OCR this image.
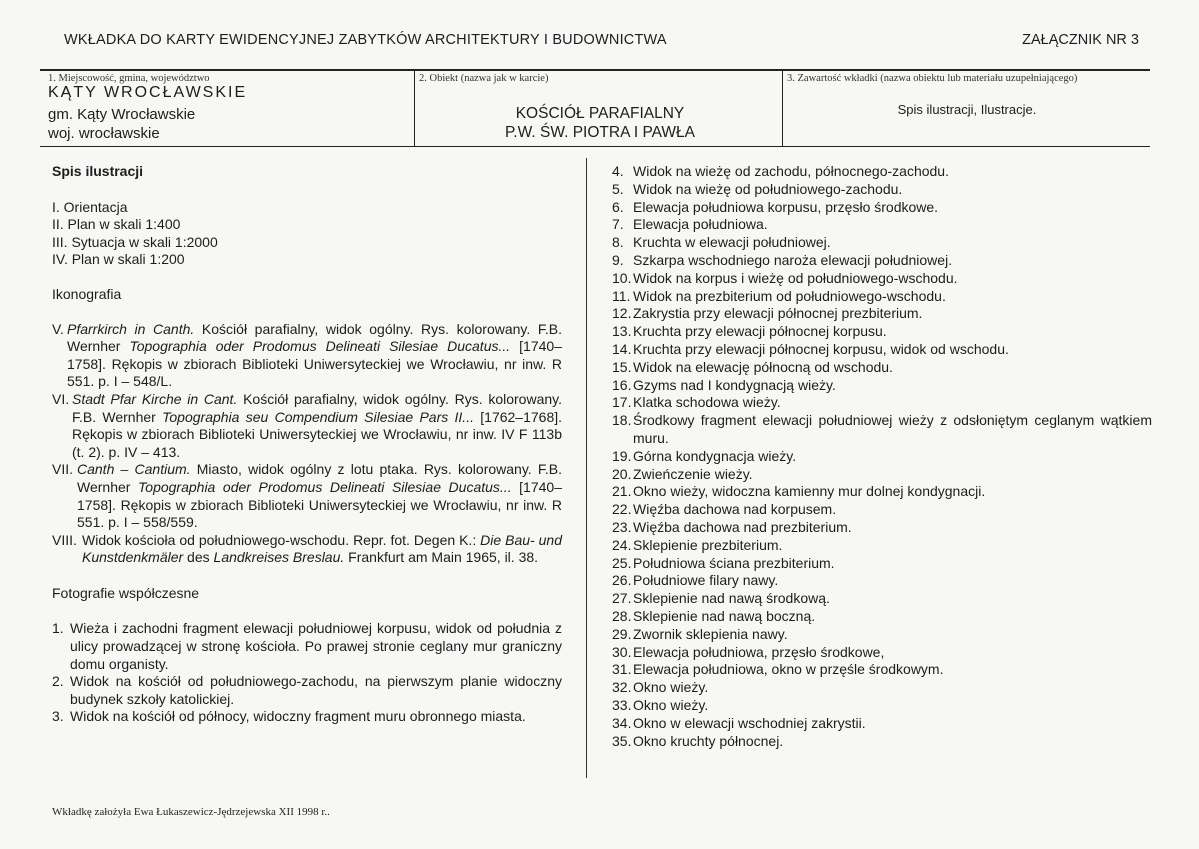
WKŁADKA DO KARTY EWIDENCYJNEJ ZABYTKÓW ARCHITEKTURY I BUDOWNICTWA	ZAŁĄCZNIK NR 3
1. Miejscowość, gmina, województwo
KĄTY WROCŁAWSKIE
gm. Kąty Wrocławskie
woj. wrocławskie
2. Obiekt (nazwa jak w karcie)
KOŚCIÓŁ PARAFIALNY
P.W. ŚW. PIOTRA I PAWŁA
3. Zawartość wkładki (nazwa obiektu lub materiału uzupełniającego)
Spis ilustracji, Ilustracje.
Spis ilustracji

I. Orientacja

II. Plan w skali 1:400

III. Sytuacja w skali 1:2000

IV. Plan w skali 1:200

Ikonografia

V. Pfarrkirch in Canth. Kościół parafialny, widok ogólny. Rys. kolorowany. F.B. Wernher Topographia oder Prodomus Delineati Silesiae Ducatus... [1740–1758]. Rękopis w zbiorach Biblioteki Uniwersyteckiej we Wrocławiu, nr inw. R 551. p. I – 548/L.
VI. Stadt Pfar Kirche in Cant. Kościół parafialny, widok ogólny. Rys. kolorowany. F.B. Wernher Topographia seu Compendium Silesiae Pars II... [1762–1768]. Rękopis w zbiorach Biblioteki Uniwersyteckiej we Wrocławiu, nr inw. IV F 113b (t. 2). p. IV – 413.
VII. Canth – Cantium. Miasto, widok ogólny z lotu ptaka. Rys. kolorowany. F.B. Wernher Topographia oder Prodomus Delineati Silesiae Ducatus... [1740–1758]. Rękopis w zbiorach Biblioteki Uniwersyteckiej we Wrocławiu, nr inw. R 551. p. I – 558/559.
VIII. Widok kościoła od południowego-wschodu. Repr. fot. Degen K.: Die Bau- und Kunstdenkmäler des Landkreises Breslau. Frankfurt am Main 1965, il. 38.

Fotografie współczesne

1. Wieża i zachodni fragment elewacji południowej korpusu, widok od południa z ulicy prowadzącej w stronę kościoła. Po prawej stronie ceglany mur graniczny domu organisty.
2. Widok na kościół od południowego-zachodu, na pierwszym planie widoczny budynek szkoły katolickiej.
3. Widok na kościół od północy, widoczny fragment muru obronnego miasta.
4. Widok na wieżę od zachodu, północnego-zachodu.
5. Widok na wieżę od południowego-zachodu.
6. Elewacja południowa korpusu, przęsło środkowe.
7. Elewacja południowa.
8. Kruchta w elewacji południowej.
9. Szkarpa wschodniego naroża elewacji południowej.
10. Widok na korpus i wieżę od południowego-wschodu.
11. Widok na prezbiterium od południowego-wschodu.
12. Zakrystia przy elewacji północnej prezbiterium.
13. Kruchta przy elewacji północnej korpusu.
14. Kruchta przy elewacji północnej korpusu, widok od wschodu.
15. Widok na elewację północną od wschodu.
16. Gzyms nad I kondygnacją wieży.
17. Klatka schodowa wieży.
18. Środkowy fragment elewacji południowej wieży z odsłoniętym ceglanym wątkiem muru.
19. Górna kondygnacja wieży.
20. Zwieńczenie wieży.
21. Okno wieży, widoczna kamienny mur dolnej kondygnacji.
22. Więźba dachowa nad korpusem.
23. Więźba dachowa nad prezbiterium.
24. Sklepienie prezbiterium.
25. Południowa ściana prezbiterium.
26. Południowe filary nawy.
27. Sklepienie nad nawą środkową.
28. Sklepienie nad nawą boczną.
29. Zwornik sklepienia nawy.
30. Elewacja południowa, przęsło środkowe,
31. Elewacja południowa, okno w przęśle środkowym.
32. Okno wieży.
33. Okno wieży.
34. Okno w elewacji wschodniej zakrystii.
35. Okno kruchty północnej.
Wkładkę założyła Ewa Łukaszewicz-Jędrzejewska XII 1998 r..
